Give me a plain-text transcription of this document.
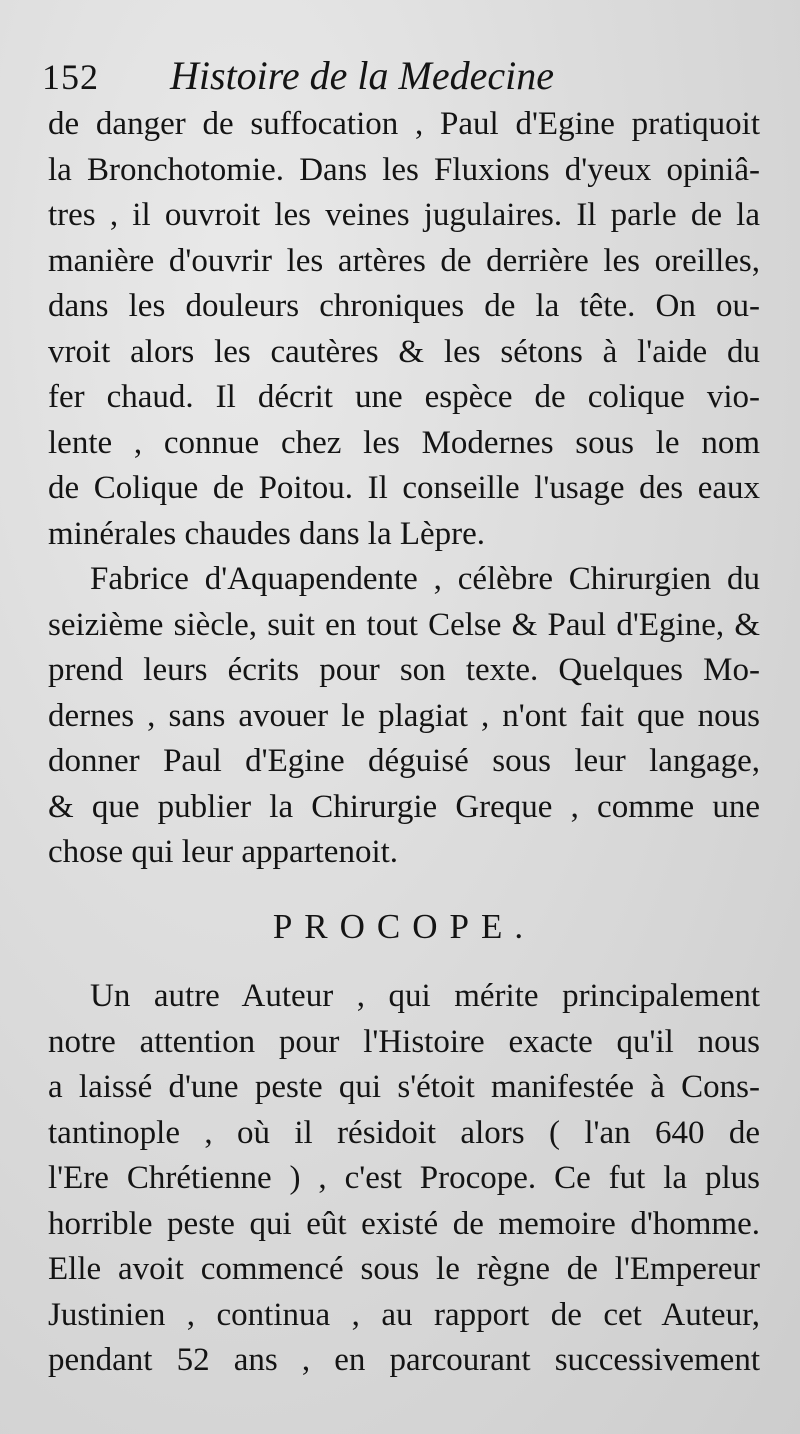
152 Histoire de la Medecine
de danger de suffocation , Paul d'Egine pratiquoit
la Bronchotomie. Dans les Fluxions d'yeux opiniâ-
tres , il ouvroit les veines jugulaires. Il parle de la
manière d'ouvrir les artères de derrière les oreilles,
dans les douleurs chroniques de la tête. On ou-
vroit alors les cautères & les sétons à l'aide du
fer chaud. Il décrit une espèce de colique vio-
lente , connue chez les Modernes sous le nom
de Colique de Poitou. Il conseille l'usage des eaux
minérales chaudes dans la Lèpre.
Fabrice d'Aquapendente , célèbre Chirurgien du
seizième siècle, suit en tout Celse & Paul d'Egine, &
prend leurs écrits pour son texte. Quelques Mo-
dernes , sans avouer le plagiat , n'ont fait que nous
donner Paul d'Egine déguisé sous leur langage,
& que publier la Chirurgie Greque , comme une
chose qui leur appartenoit.
PROCOPE.
Un autre Auteur , qui mérite principalement
notre attention pour l'Histoire exacte qu'il nous
a laissé d'une peste qui s'étoit manifestée à Cons-
tantinople , où il résidoit alors ( l'an 640 de
l'Ere Chrétienne ) , c'est Procope. Ce fut la plus
horrible peste qui eût existé de memoire d'homme.
Elle avoit commencé sous le règne de l'Empereur
Justinien , continua , au rapport de cet Auteur,
pendant 52 ans , en parcourant successivement
